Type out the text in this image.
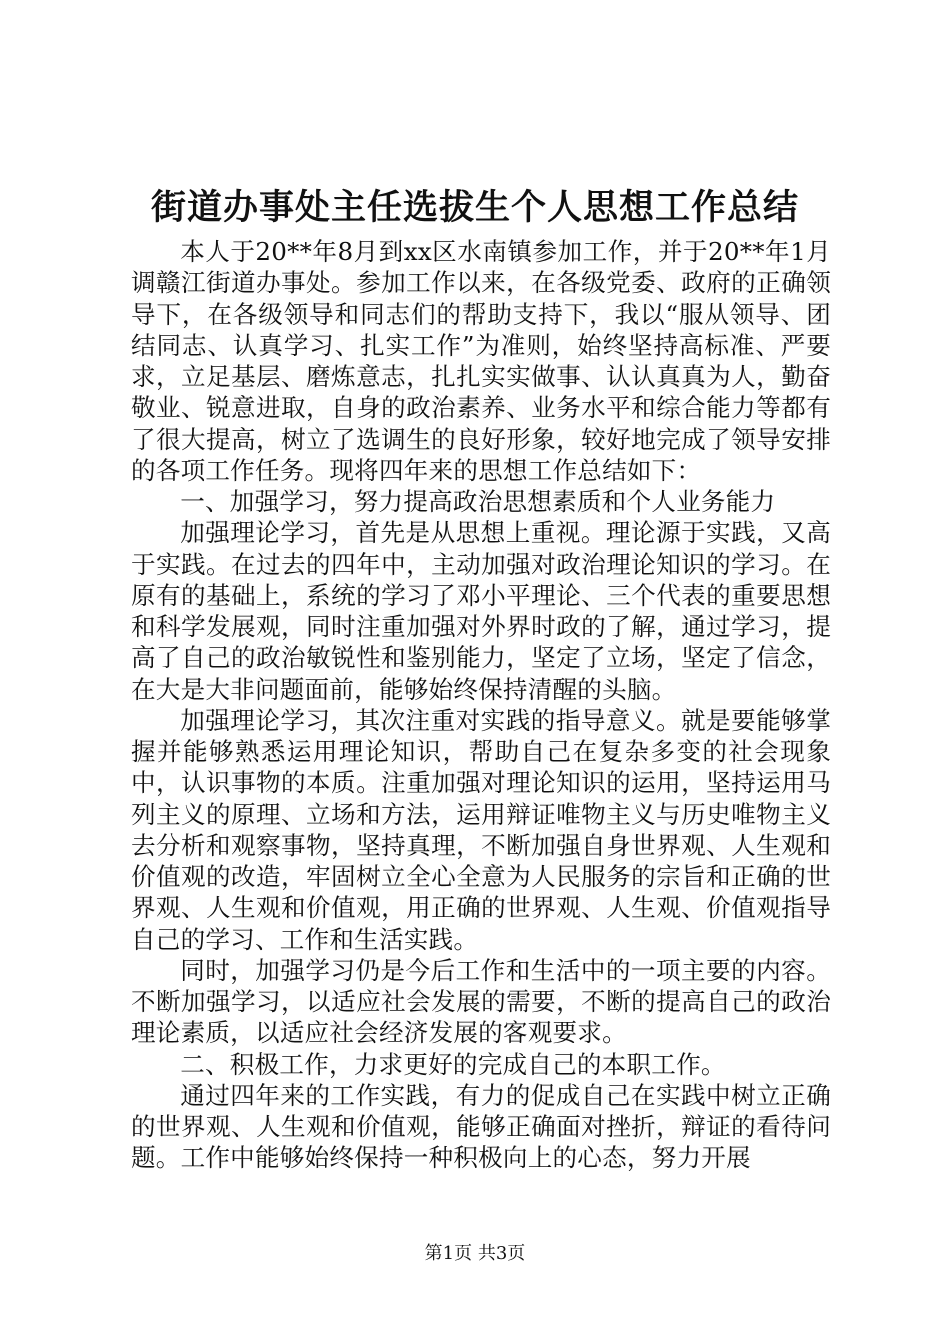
街道办事处主任选拔生个人思想工作总结

本人于20**年8月到xx区水南镇参加工作，并于20**年1月调赣江街道办事处。参加工作以来，在各级党委、政府的正确领导下，在各级领导和同志们的帮助支持下，我以“服从领导、团结同志、认真学习、扎实工作”为准则，始终坚持高标准、严要求，立足基层、磨炼意志，扎扎实实做事、认认真真为人，勤奋敬业、锐意进取，自身的政治素养、业务水平和综合能力等都有了很大提高，树立了选调生的良好形象，较好地完成了领导安排的各项工作任务。现将四年来的思想工作总结如下：

一、加强学习，努力提高政治思想素质和个人业务能力

加强理论学习，首先是从思想上重视。理论源于实践，又高于实践。在过去的四年中，主动加强对政治理论知识的学习。在原有的基础上，系统的学习了邓小平理论、三个代表的重要思想和科学发展观，同时注重加强对外界时政的了解，通过学习，提高了自己的政治敏锐性和鉴别能力，坚定了立场，坚定了信念，在大是大非问题面前，能够始终保持清醒的头脑。

加强理论学习，其次注重对实践的指导意义。就是要能够掌握并能够熟悉运用理论知识，帮助自己在复杂多变的社会现象中，认识事物的本质。注重加强对理论知识的运用，坚持运用马列主义的原理、立场和方法，运用辩证唯物主义与历史唯物主义去分析和观察事物，坚持真理，不断加强自身世界观、人生观和价值观的改造，牢固树立全心全意为人民服务的宗旨和正确的世界观、人生观和价值观，用正确的世界观、人生观、价值观指导自己的学习、工作和生活实践。

同时，加强学习仍是今后工作和生活中的一项主要的内容。不断加强学习，以适应社会发展的需要，不断的提高自己的政治理论素质，以适应社会经济发展的客观要求。

二、积极工作，力求更好的完成自己的本职工作。

通过四年来的工作实践，有力的促成自己在实践中树立正确的世界观、人生观和价值观，能够正确面对挫折，辩证的看待问题。工作中能够始终保持一种积极向上的心态，努力开展

第1页 共3页
